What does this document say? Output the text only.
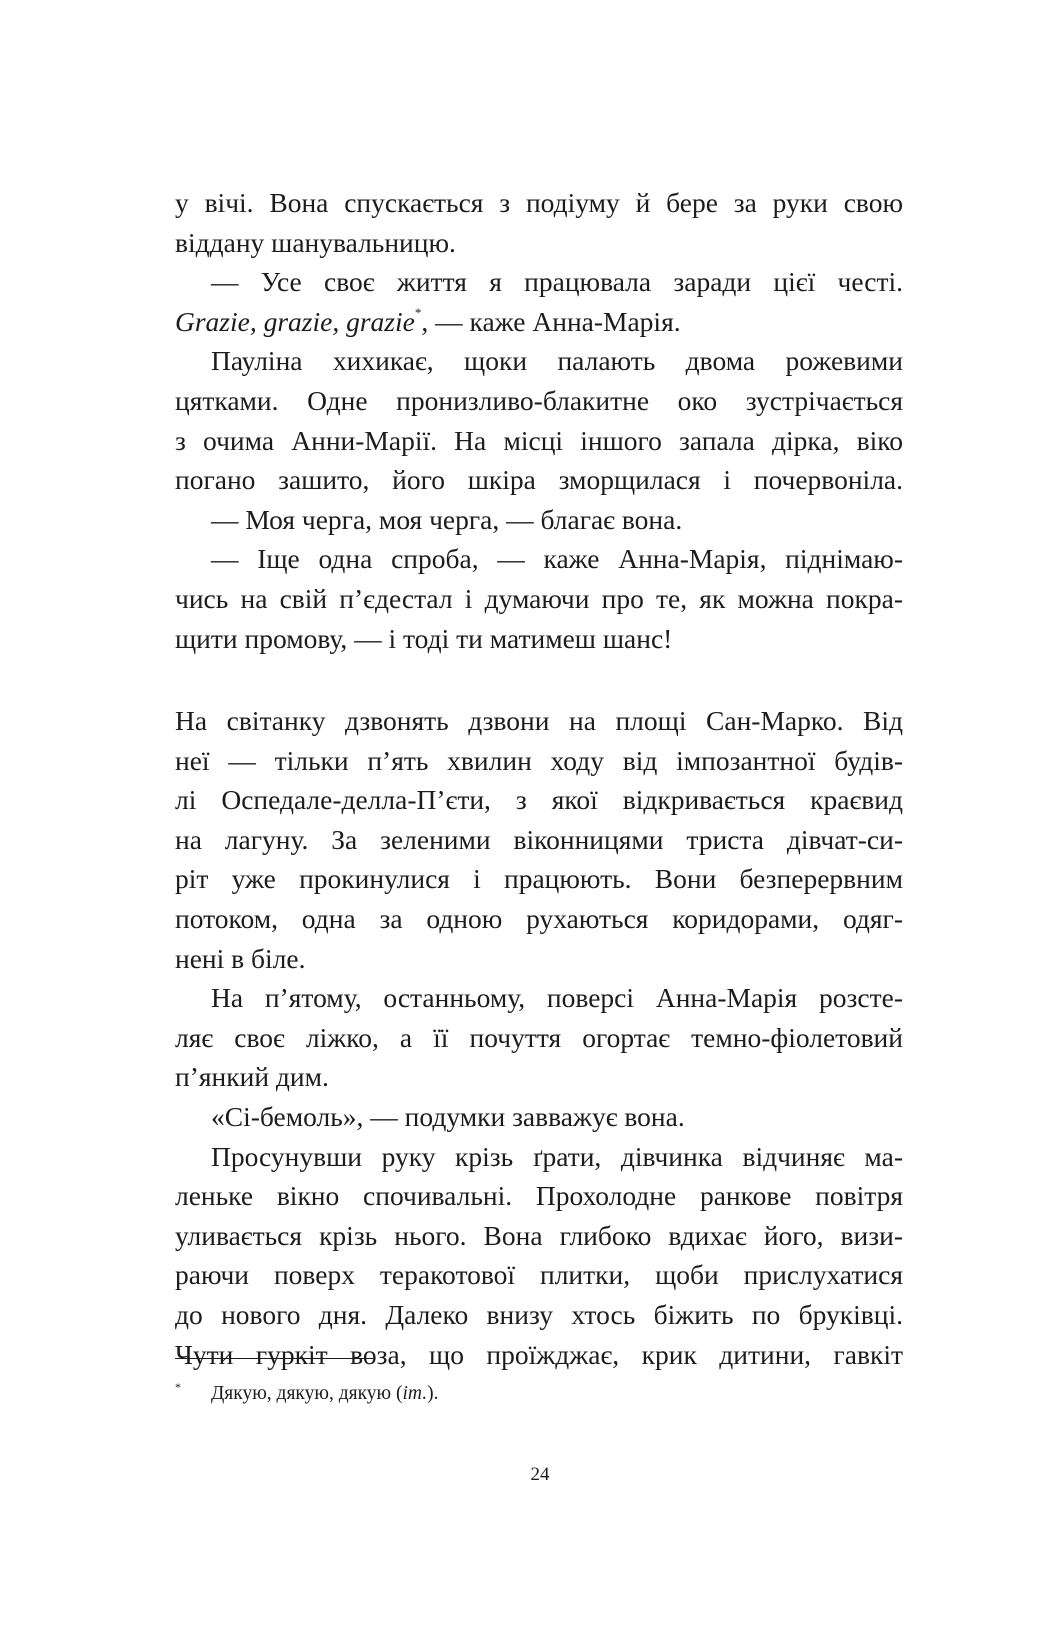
у вічі. Вона спускається з подіуму й бере за руки свою
віддану шанувальницю.
— Усе своє життя я працювала заради цієї честі.
Grazie, grazie, grazie*, — каже Анна-Марія.
Пауліна хихикає, щоки палають двома рожевими
цятками. Одне пронизливо-блакитне око зустрічається
з очима Анни-Марії. На місці іншого запала дірка, віко
погано зашито, його шкіра зморщилася і почервоніла.
— Моя черга, моя черга, — благає вона.
— Іще одна спроба, — каже Анна-Марія, піднімаю-
чись на свій п’єдестал і думаючи про те, як можна покра-
щити промову, — і тоді ти матимеш шанс!
На світанку дзвонять дзвони на площі Сан-Марко. Від
неї — тільки п’ять хвилин ходу від імпозантної будів-
лі Оспедале-делла-П’єти, з якої відкривається краєвид
на лагуну. За зеленими віконницями триста дівчат-си-
ріт уже прокинулися і працюють. Вони безперервним
потоком, одна за одною рухаються коридорами, одяг-
нені в біле.
На п’ятому, останньому, поверсі Анна-Марія розсте-
ляє своє ліжко, а її почуття огортає темно-фіолетовий
п’янкий дим.
«Сі-бемоль», — подумки завважує вона.
Просунувши руку крізь ґрати, дівчинка відчиняє ма-
леньке вікно спочивальні. Прохолодне ранкове повітря
уливається крізь нього. Вона глибоко вдихає його, визи-
раючи поверх теракотової плитки, щоби прислухатися
до нового дня. Далеко внизу хтось біжить по бруківці.
Чути гуркіт воза, що проїжджає, крик дитини, гавкіт
* Дякую, дякую, дякую (іт.).
24
